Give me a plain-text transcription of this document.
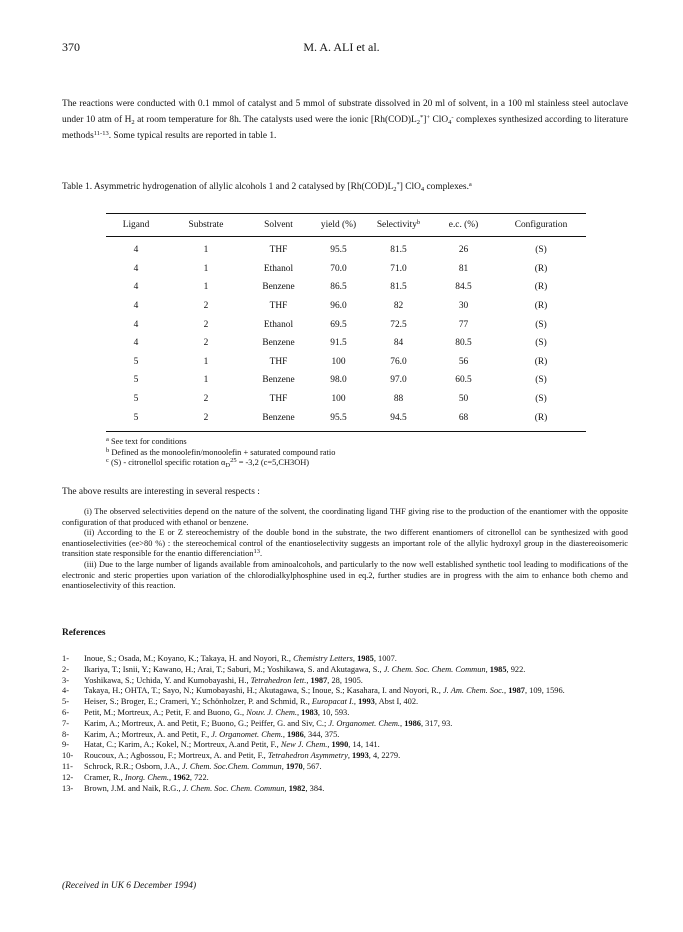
370	M. A. ALI et al.
The reactions were conducted with 0.1 mmol of catalyst and 5 mmol of substrate dissolved in 20 ml of solvent, in a 100 ml stainless steel autoclave under 10 atm of $H_2$ at room temperature for 8h. The catalysts used were the ionic $[Rh(COD)L_2^*]^+$ ClO$_4$- complexes synthesized according to literature methods$^{11-13}$. Some typical results are reported in table 1.
Table 1. Asymmetric hydrogenation of allylic alcohols 1 and 2 catalysed by $[Rh(COD)L_2^*]$ ClO$_4$ complexes.$^a$
Ligand	Substrate	Solvent	yield (%)	Selectivity$^b$	e.c. (%)	Configuration
4	1	THF	95.5	81.5	26	(S)
4	1	Ethanol	70.0	71.0	81	(R)
4	1	Benzene	86.5	81.5	84.5	(R)
4	2	THF	96.0	82	30	(R)
4	2	Ethanol	69.5	72.5	77	(S)
4	2	Benzene	91.5	84	80.5	(S)
5	1	THF	100	76.0	56	(R)
5	1	Benzene	98.0	97.0	60.5	(S)
5	2	THF	100	88	50	(S)
5	2	Benzene	95.5	94.5	68	(R)
$^a$ See text for conditions
$^b$ Defined as the monoolefin/monoolefin + saturated compound ratio
$^c$ (S) - citronellol specific rotation $\alpha_D^{25} = -3,2$ (c=5,CH3OH)
The above results are interesting in several respects :
(i) The observed selectivities depend on the nature of the solvent, the coordinating ligand THF giving rise to the production of the enantiomer with the opposite configuration of that produced with ethanol or benzene.
(ii) According to the E or Z stereochemistry of the double bond in the substrate, the two different enantiomers of citronellol can be synthesized with good enantioselectivities (ee>80 %) : the stereochemical control of the enantioselectivity suggests an important role of the allylic hydroxyl group in the diastereoisomeric transition state responsible for the enantio differenciation$^{13}$.
(iii) Due to the large number of ligands available from aminoalcohols, and particularly to the now well established synthetic tool leading to modifications of the electronic and steric properties upon variation of the chlorodialkylphosphine used in eq.2, further studies are in progress with the aim to enhance both chemo and enantioselectivity of this reaction.
References
1-	Inoue, S.; Osada, M.; Koyano, K.; Takaya, H. and Noyori, R., Chemistry Letters, 1985, 1007.
2-	Ikariya, T.; Isnii, Y.; Kawano, H.; Arai, T.; Saburi, M.; Yoshikawa, S. and Akutagawa, S., J. Chem. Soc. Chem. Commun, 1985, 922.
3-	Yoshikawa, S.; Uchida, Y. and Kumobayashi, H., Tetrahedron lett., 1987, 28, 1905.
4-	Takaya, H.; OHTA, T.; Sayo, N.; Kumobayashi, H.; Akutagawa, S.; Inoue, S.; Kasahara, I. and Noyori, R., J. Am. Chem. Soc., 1987, 109, 1596.
5-	Heiser, S.; Broger, E.; Crameri, Y.; Schönholzer, P. and Schmid, R., Europacat I., 1993, Abst I, 402.
6-	Petit, M.; Mortreux, A.; Petit, F. and Buono, G., Nouv. J. Chem., 1983, 10, 593.
7-	Karim, A.; Mortreux, A. and Petit, F.; Buono, G.; Peiffer, G. and Siv, C.; J. Organomet. Chem., 1986, 317, 93.
8-	Karim, A.; Mortreux, A. and Petit, F., J. Organomet. Chem., 1986, 344, 375.
9-	Hatat, C.; Karim, A.; Kokel, N.; Mortreux, A.and Petit, F., New J. Chem., 1990, 14, 141.
10-	Roucoux, A.; Agbossou, F.; Mortreux, A. and Petit, F., Tetrahedron Asymmetry, 1993, 4, 2279.
11-	Schrock, R.R.; Osborn, J.A., J. Chem. Soc.Chem. Commun, 1970, 567.
12-	Cramer, R., Inorg. Chem., 1962, 722.
13-	Brown, J.M. and Naik, R.G., J. Chem. Soc. Chem. Commun, 1982, 384.
(Received in UK 6 December 1994)
